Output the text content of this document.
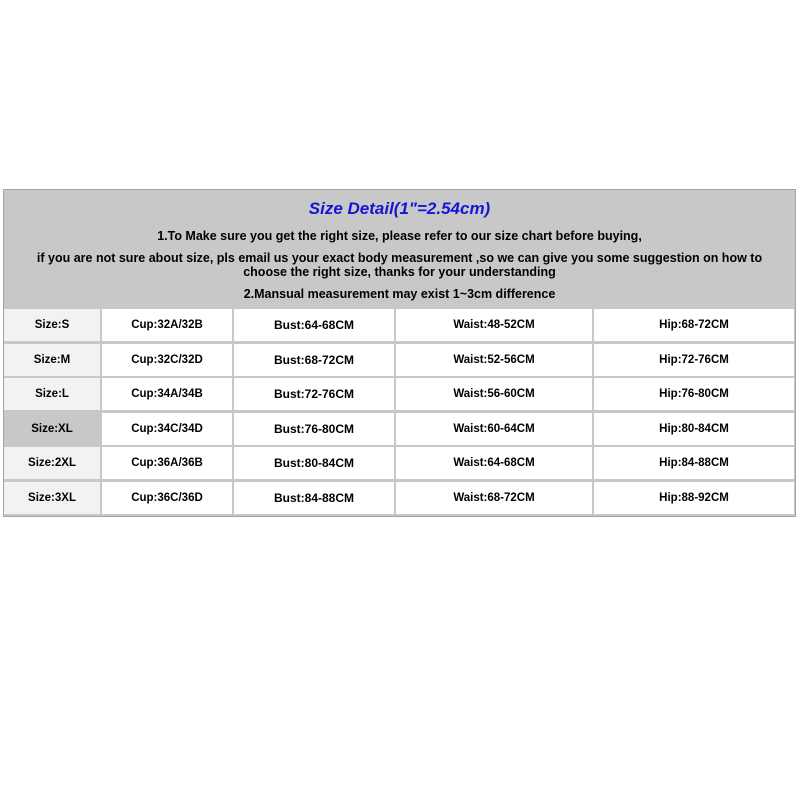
Size Detail(1"=2.54cm)
1.To Make sure you get the right size, please refer to our size chart before buying,
if you are not sure about size, pls email us your exact body measurement ,so we can give you some suggestion on how to choose the right size, thanks for your understanding
2.Mansual measurement may exist 1~3cm difference
Size:S	Cup:32A/32B	Bust:64-68CM	Waist:48-52CM	Hip:68-72CM
Size:M	Cup:32C/32D	Bust:68-72CM	Waist:52-56CM	Hip:72-76CM
Size:L	Cup:34A/34B	Bust:72-76CM	Waist:56-60CM	Hip:76-80CM
Size:XL	Cup:34C/34D	Bust:76-80CM	Waist:60-64CM	Hip:80-84CM
Size:2XL	Cup:36A/36B	Bust:80-84CM	Waist:64-68CM	Hip:84-88CM
Size:3XL	Cup:36C/36D	Bust:84-88CM	Waist:68-72CM	Hip:88-92CM
